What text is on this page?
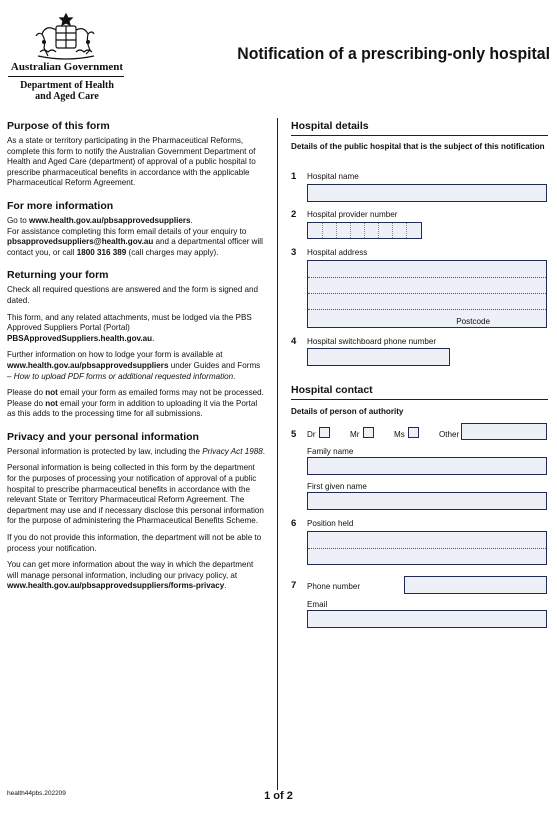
Australian Government
Department of Health
and Aged Care
Notification of a prescribing-only hospital
Purpose of this form

As a state or territory participating in the Pharmaceutical Reforms, complete this form to notify the Australian Government Department of Health and Aged Care (department) of approval of a public hospital to prescribe pharmaceutical benefits in accordance with the applicable Pharmaceutical Reform Agreement.

For more information

Go to www.health.gov.au/pbsapprovedsuppliers.
For assistance completing this form email details of your enquiry to pbsapprovedsuppliers@health.gov.au and a departmental officer will contact you, or call 1800 316 389 (call charges may apply).

Returning your form

Check all required questions are answered and the form is signed and dated.

This form, and any related attachments, must be lodged via the PBS Approved Suppliers Portal (Portal)
PBSApprovedSuppliers.health.gov.au.

Further information on how to lodge your form is available at www.health.gov.au/pbsapprovedsuppliers under Guides and Forms – How to upload PDF forms or additional requested information.

Please do not email your form as emailed forms may not be processed. Please do not email your form in addition to uploading it via the Portal as this adds to the processing time for all submissions.

Privacy and your personal information

Personal information is protected by law, including the Privacy Act 1988.

Personal information is being collected in this form by the department for the purposes of processing your notification of approval of a public hospital to prescribe pharmaceutical benefits in accordance with the relevant State or Territory Pharmaceutical Reform Agreement. The department may use and if necessary disclose this personal information for the purpose of administering the Pharmaceutical Benefits Scheme.

If you do not provide this information, the department will not be able to process your notification.

You can get more information about the way in which the department will manage personal information, including our privacy policy, at www.health.gov.au/pbsapprovedsuppliers/forms-privacy.

Hospital details
Details of the public hospital that is the subject of this notification
1 Hospital name
2 Hospital provider number
3 Hospital address
Postcode
4 Hospital switchboard phone number
Hospital contact
Details of person of authority
5 Dr	Mr	Ms	Other
Family name
First given name
6 Position held
7 Phone number
Email
health44pbs.202209	1 of 2
